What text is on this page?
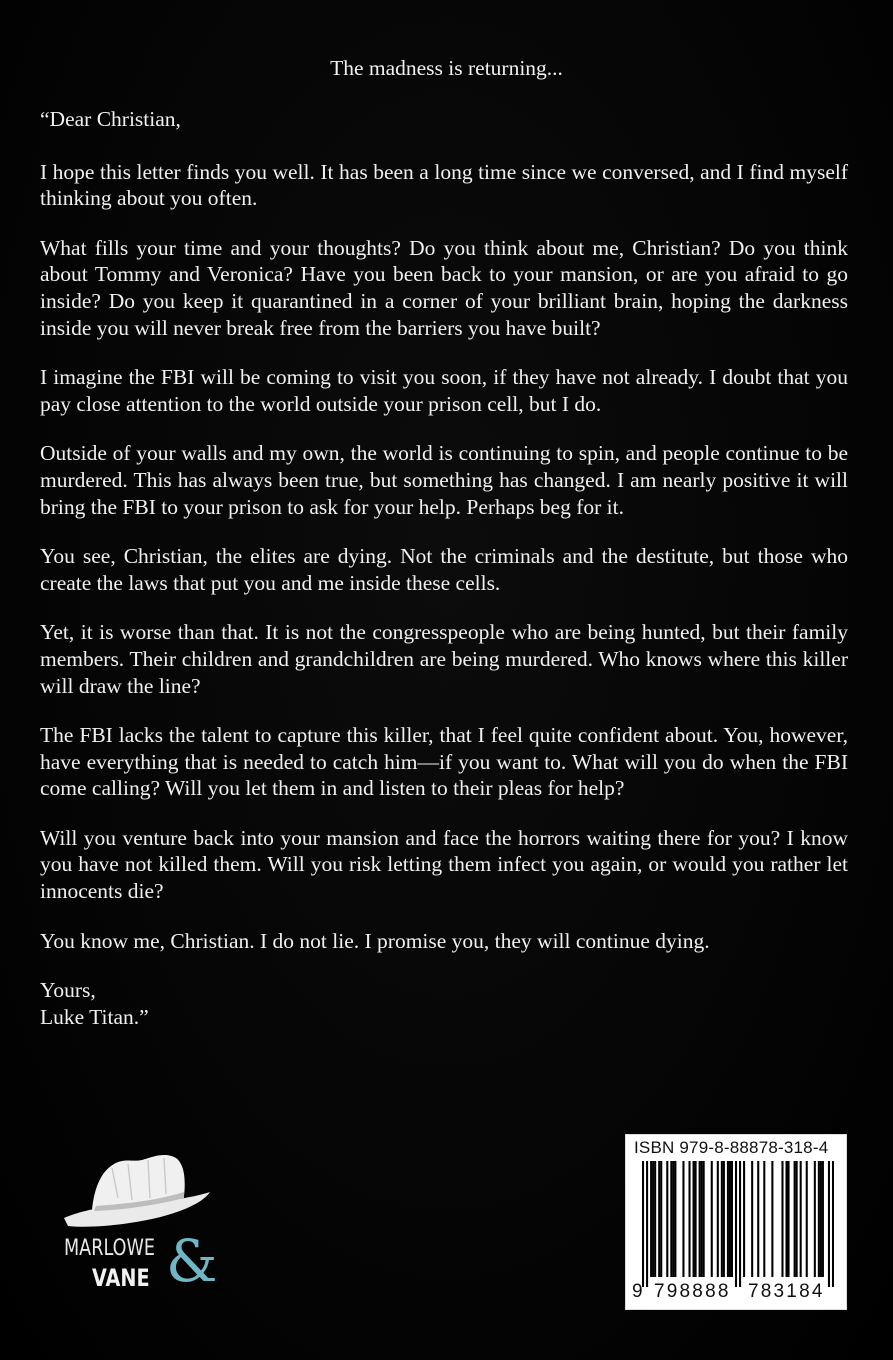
The madness is returning...

“Dear Christian,

I hope this letter finds you well. It has been a long time since we conversed, and I find myself thinking about you often.

What fills your time and your thoughts? Do you think about me, Christian? Do you think about Tommy and Veronica? Have you been back to your mansion, or are you afraid to go inside? Do you keep it quarantined in a corner of your brilliant brain, hoping the darkness inside you will never break free from the barriers you have built?

I imagine the FBI will be coming to visit you soon, if they have not already. I doubt that you pay close attention to the world outside your prison cell, but I do.

Outside of your walls and my own, the world is continuing to spin, and people continue to be murdered. This has always been true, but something has changed. I am nearly positive it will bring the FBI to your prison to ask for your help. Perhaps beg for it.

You see, Christian, the elites are dying. Not the criminals and the destitute, but those who create the laws that put you and me inside these cells.

Yet, it is worse than that. It is not the congresspeople who are being hunted, but their family members. Their children and grandchildren are being murdered. Who knows where this killer will draw the line?

The FBI lacks the talent to capture this killer, that I feel quite confident about. You, however, have everything that is needed to catch him—if you want to. What will you do when the FBI come calling? Will you let them in and listen to their pleas for help?

Will you venture back into your mansion and face the horrors waiting there for you? I know you have not killed them. Will you risk letting them infect you again, or would you rather let innocents die?

You know me, Christian. I do not lie. I promise you, they will continue dying.

Yours,
Luke Titan.”
MARLOWE
VANE &
ISBN 979-8-88878-318-4
9 798888 783184
